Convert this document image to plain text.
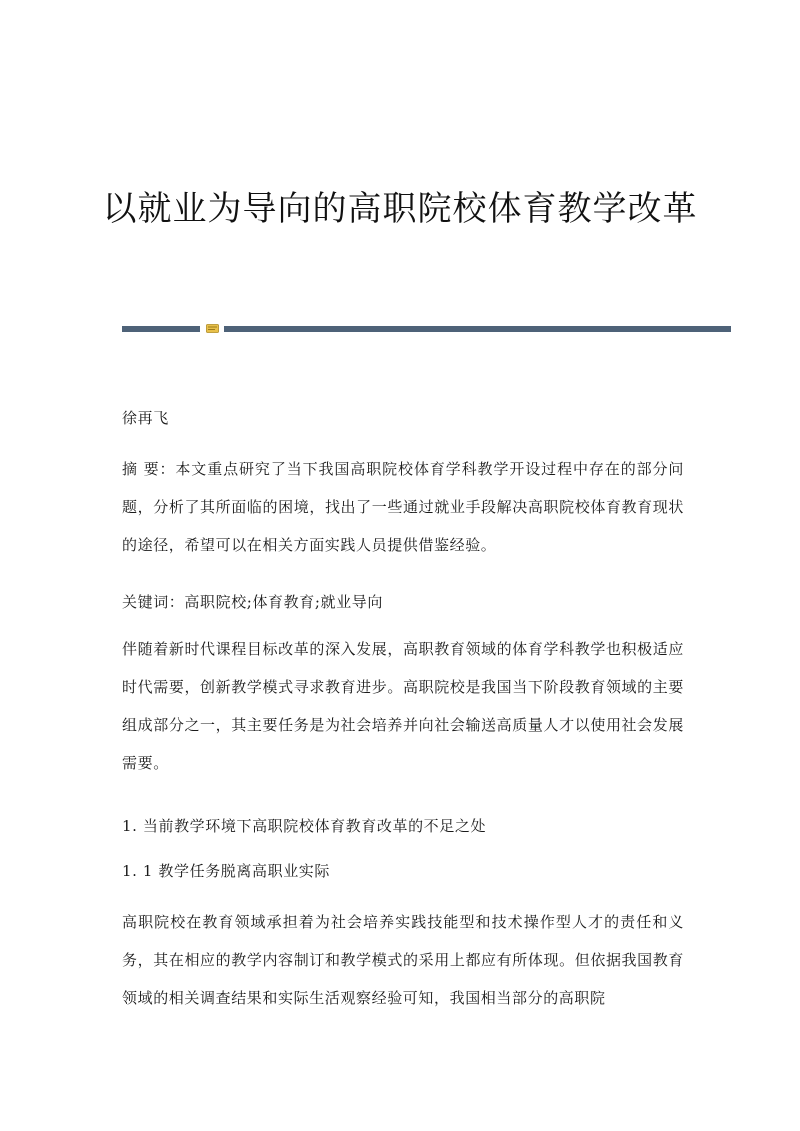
以就业为导向的高职院校体育教学改革

徐再飞

摘 要：本文重点研究了当下我国高职院校体育学科教学开设过程中存在的部分问题，分析了其所面临的困境，找出了一些通过就业手段解决高职院校体育教育现状的途径，希望可以在相关方面实践人员提供借鉴经验。

关键词：高职院校;体育教育;就业导向

伴随着新时代课程目标改革的深入发展，高职教育领域的体育学科教学也积极适应时代需要，创新教学模式寻求教育进步。高职院校是我国当下阶段教育领域的主要组成部分之一，其主要任务是为社会培养并向社会输送高质量人才以使用社会发展需要。

1. 当前教学环境下高职院校体育教育改革的不足之处

1. 1 教学任务脱离高职业实际

高职院校在教育领域承担着为社会培养实践技能型和技术操作型人才的责任和义务，其在相应的教学内容制订和教学模式的采用上都应有所体现。但依据我国教育领域的相关调查结果和实际生活观察经验可知，我国相当部分的高职院
